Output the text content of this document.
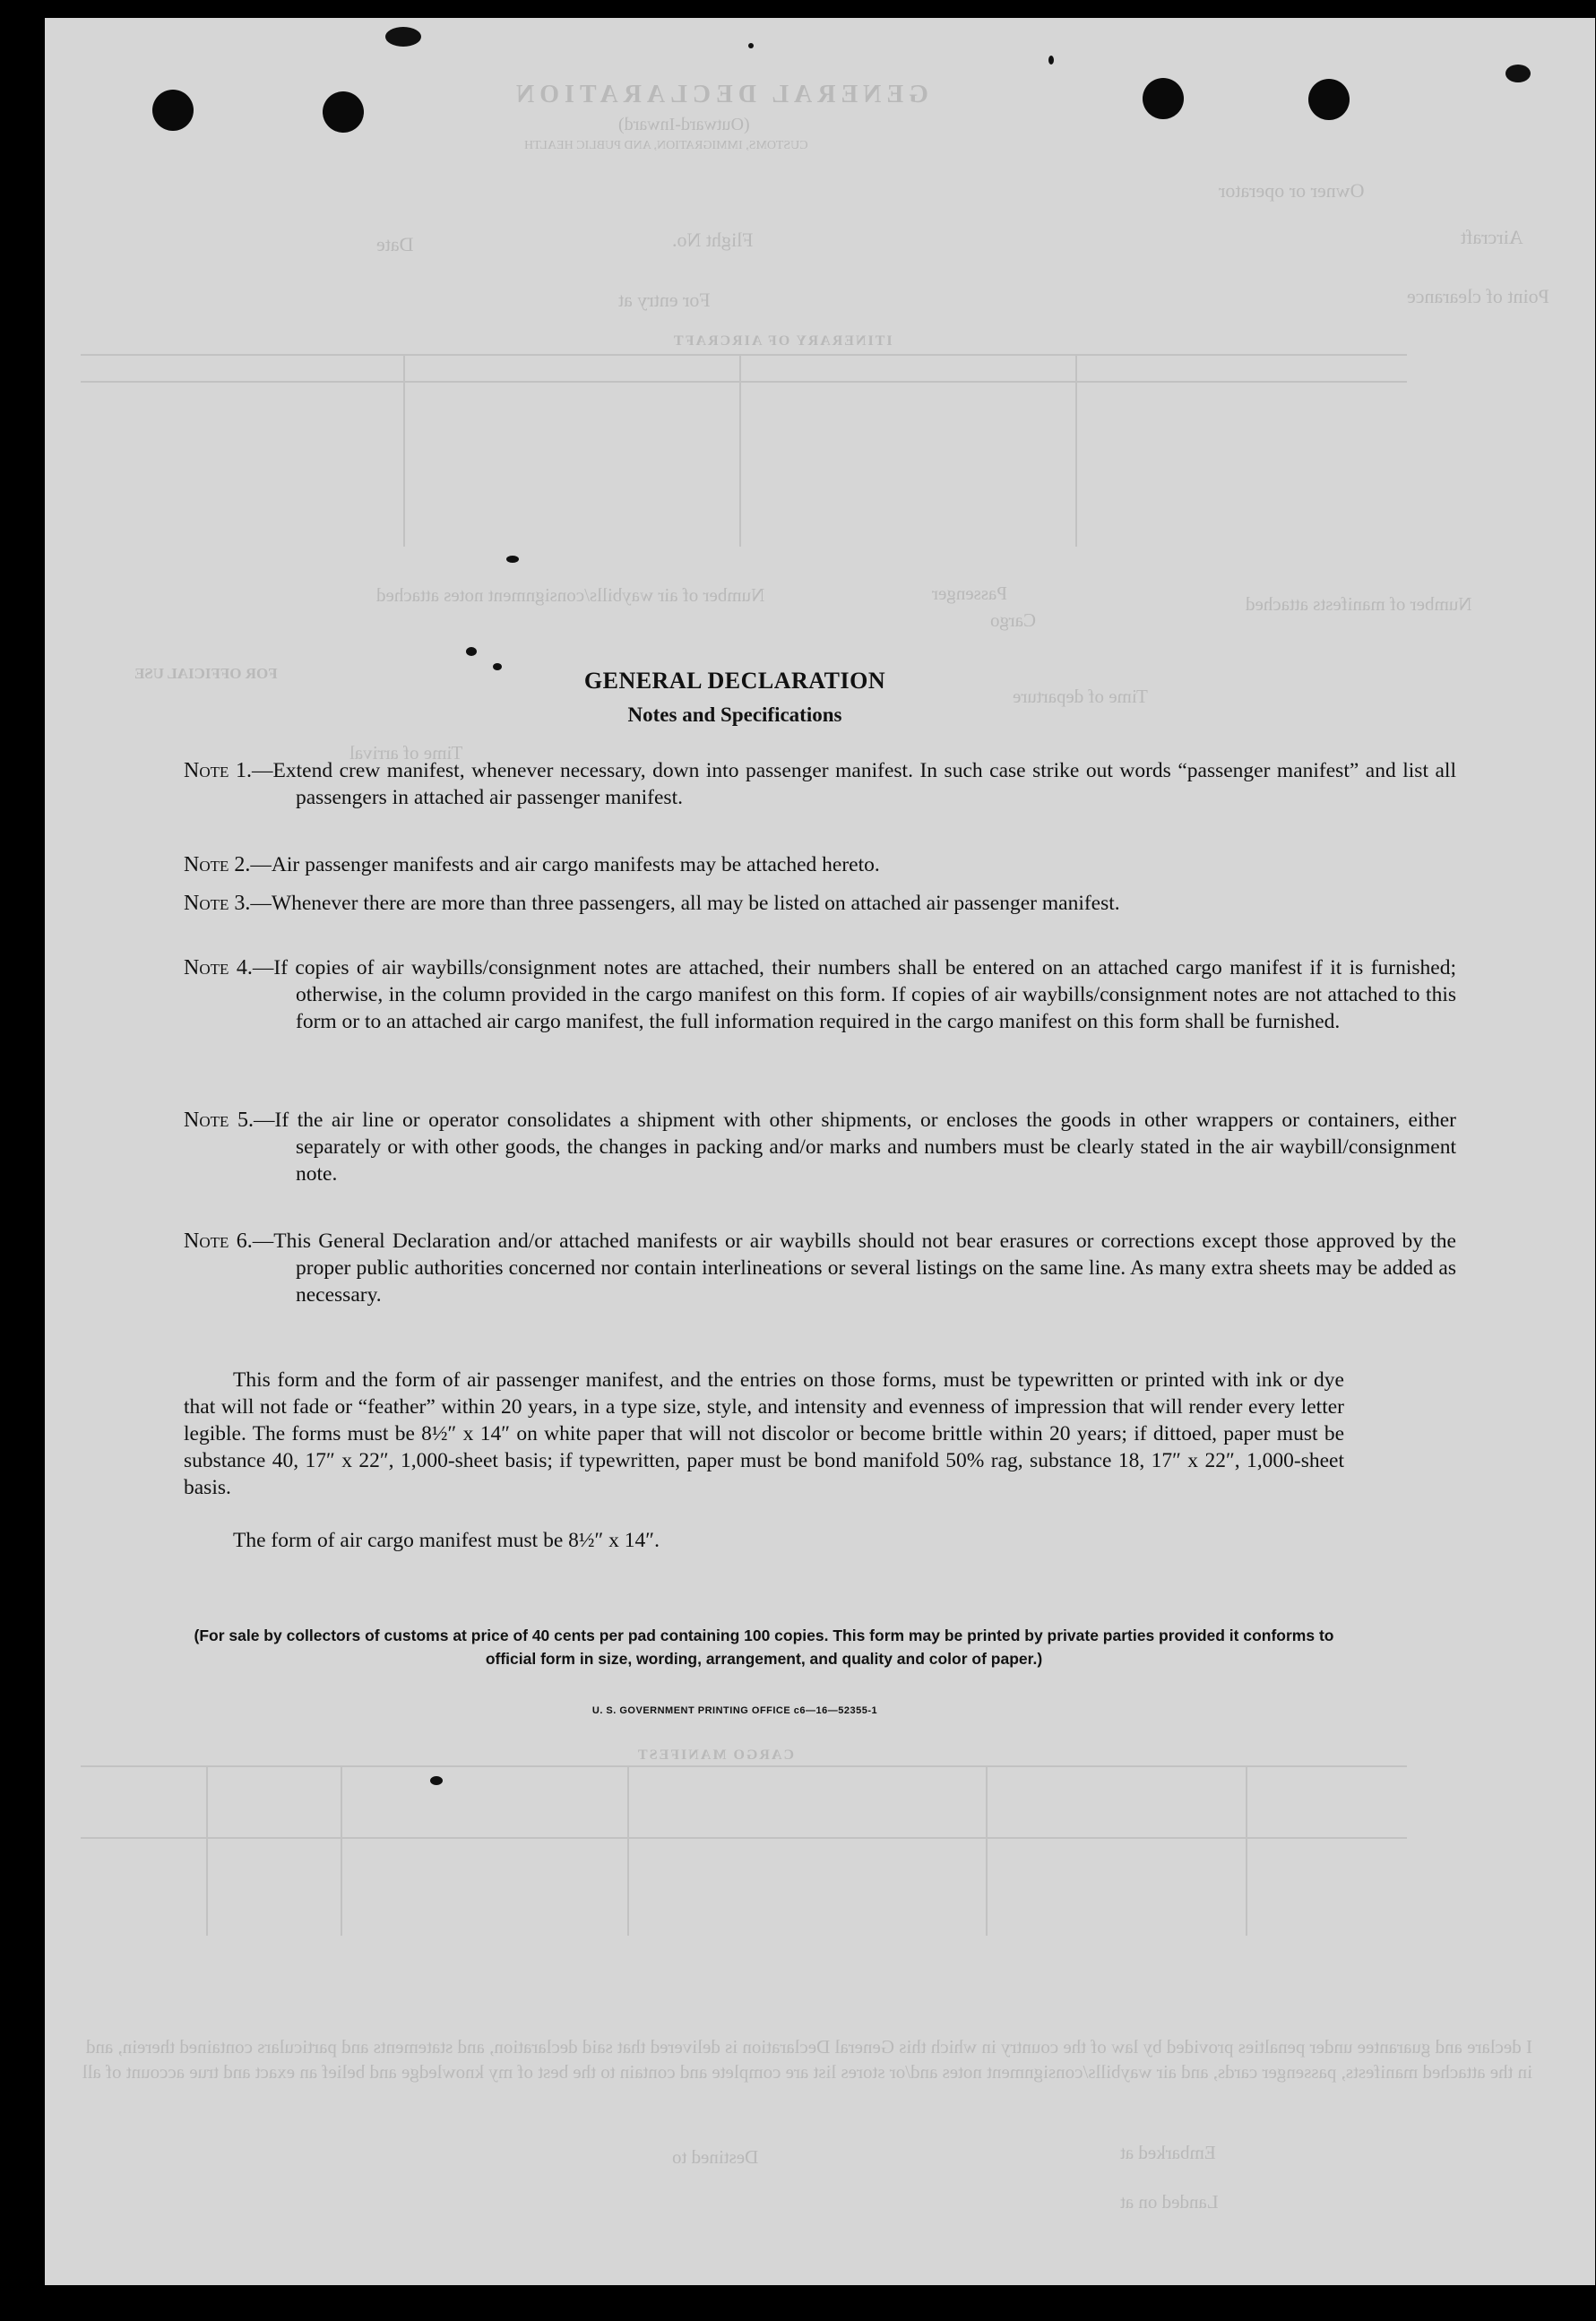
GENERAL DECLARATION
(Outward-Inward)
CUSTOMS, IMMIGRATION, AND PUBLIC HEALTH
Owner or operator
Aircraft
Flight No.
Date
Point of clearance
For entry at
ITINERARY OF AIRCRAFT
Number of manifests attached
Passenger
Cargo
Number of air waybills/consignment notes attached
FOR OFFICIAL USE
Time of departure
Time of arrival
CARGO MANIFEST
I declare and guarantee under penalties provided by law of the country in which this General Declaration is delivered that said declaration, and statements and particulars contained therein, and in the attached manifests, passenger cards, and air waybills/consignment notes and/or stores list are complete and contain to the best of my knowledge and belief an exact and true account of all
Embarked at
Destined to
Landed on at
GENERAL DECLARATION
Notes and Specifications
Note 1.—Extend crew manifest, whenever necessary, down into passenger manifest. In such case strike out words “passenger manifest” and list all passengers in attached air passenger manifest.
Note 2.—Air passenger manifests and air cargo manifests may be attached hereto.
Note 3.—Whenever there are more than three passengers, all may be listed on attached air passenger manifest.
Note 4.—If copies of air waybills/consignment notes are attached, their numbers shall be entered on an attached cargo manifest if it is furnished; otherwise, in the column provided in the cargo manifest on this form. If copies of air waybills/consignment notes are not attached to this form or to an attached air cargo manifest, the full information required in the cargo manifest on this form shall be furnished.
Note 5.—If the air line or operator consolidates a shipment with other shipments, or encloses the goods in other wrappers or containers, either separately or with other goods, the changes in packing and/or marks and numbers must be clearly stated in the air waybill/consignment note.
Note 6.—This General Declaration and/or attached manifests or air waybills should not bear erasures or corrections except those approved by the proper public authorities concerned nor contain interlineations or several listings on the same line. As many extra sheets may be added as necessary.
This form and the form of air passenger manifest, and the entries on those forms, must be typewritten or printed with ink or dye that will not fade or “feather” within 20 years, in a type size, style, and intensity and evenness of impression that will render every letter legible. The forms must be 8½″ x 14″ on white paper that will not discolor or become brittle within 20 years; if dittoed, paper must be substance 40, 17″ x 22″, 1,000-sheet basis; if typewritten, paper must be bond manifold 50% rag, substance 18, 17″ x 22″, 1,000-sheet basis.
The form of air cargo manifest must be 8½″ x 14″.
(For sale by collectors of customs at price of 40 cents per pad containing 100 copies. This form may be printed by private parties provided it conforms to official form in size, wording, arrangement, and quality and color of paper.)
U. S. GOVERNMENT PRINTING OFFICE c6—16—52355-1
